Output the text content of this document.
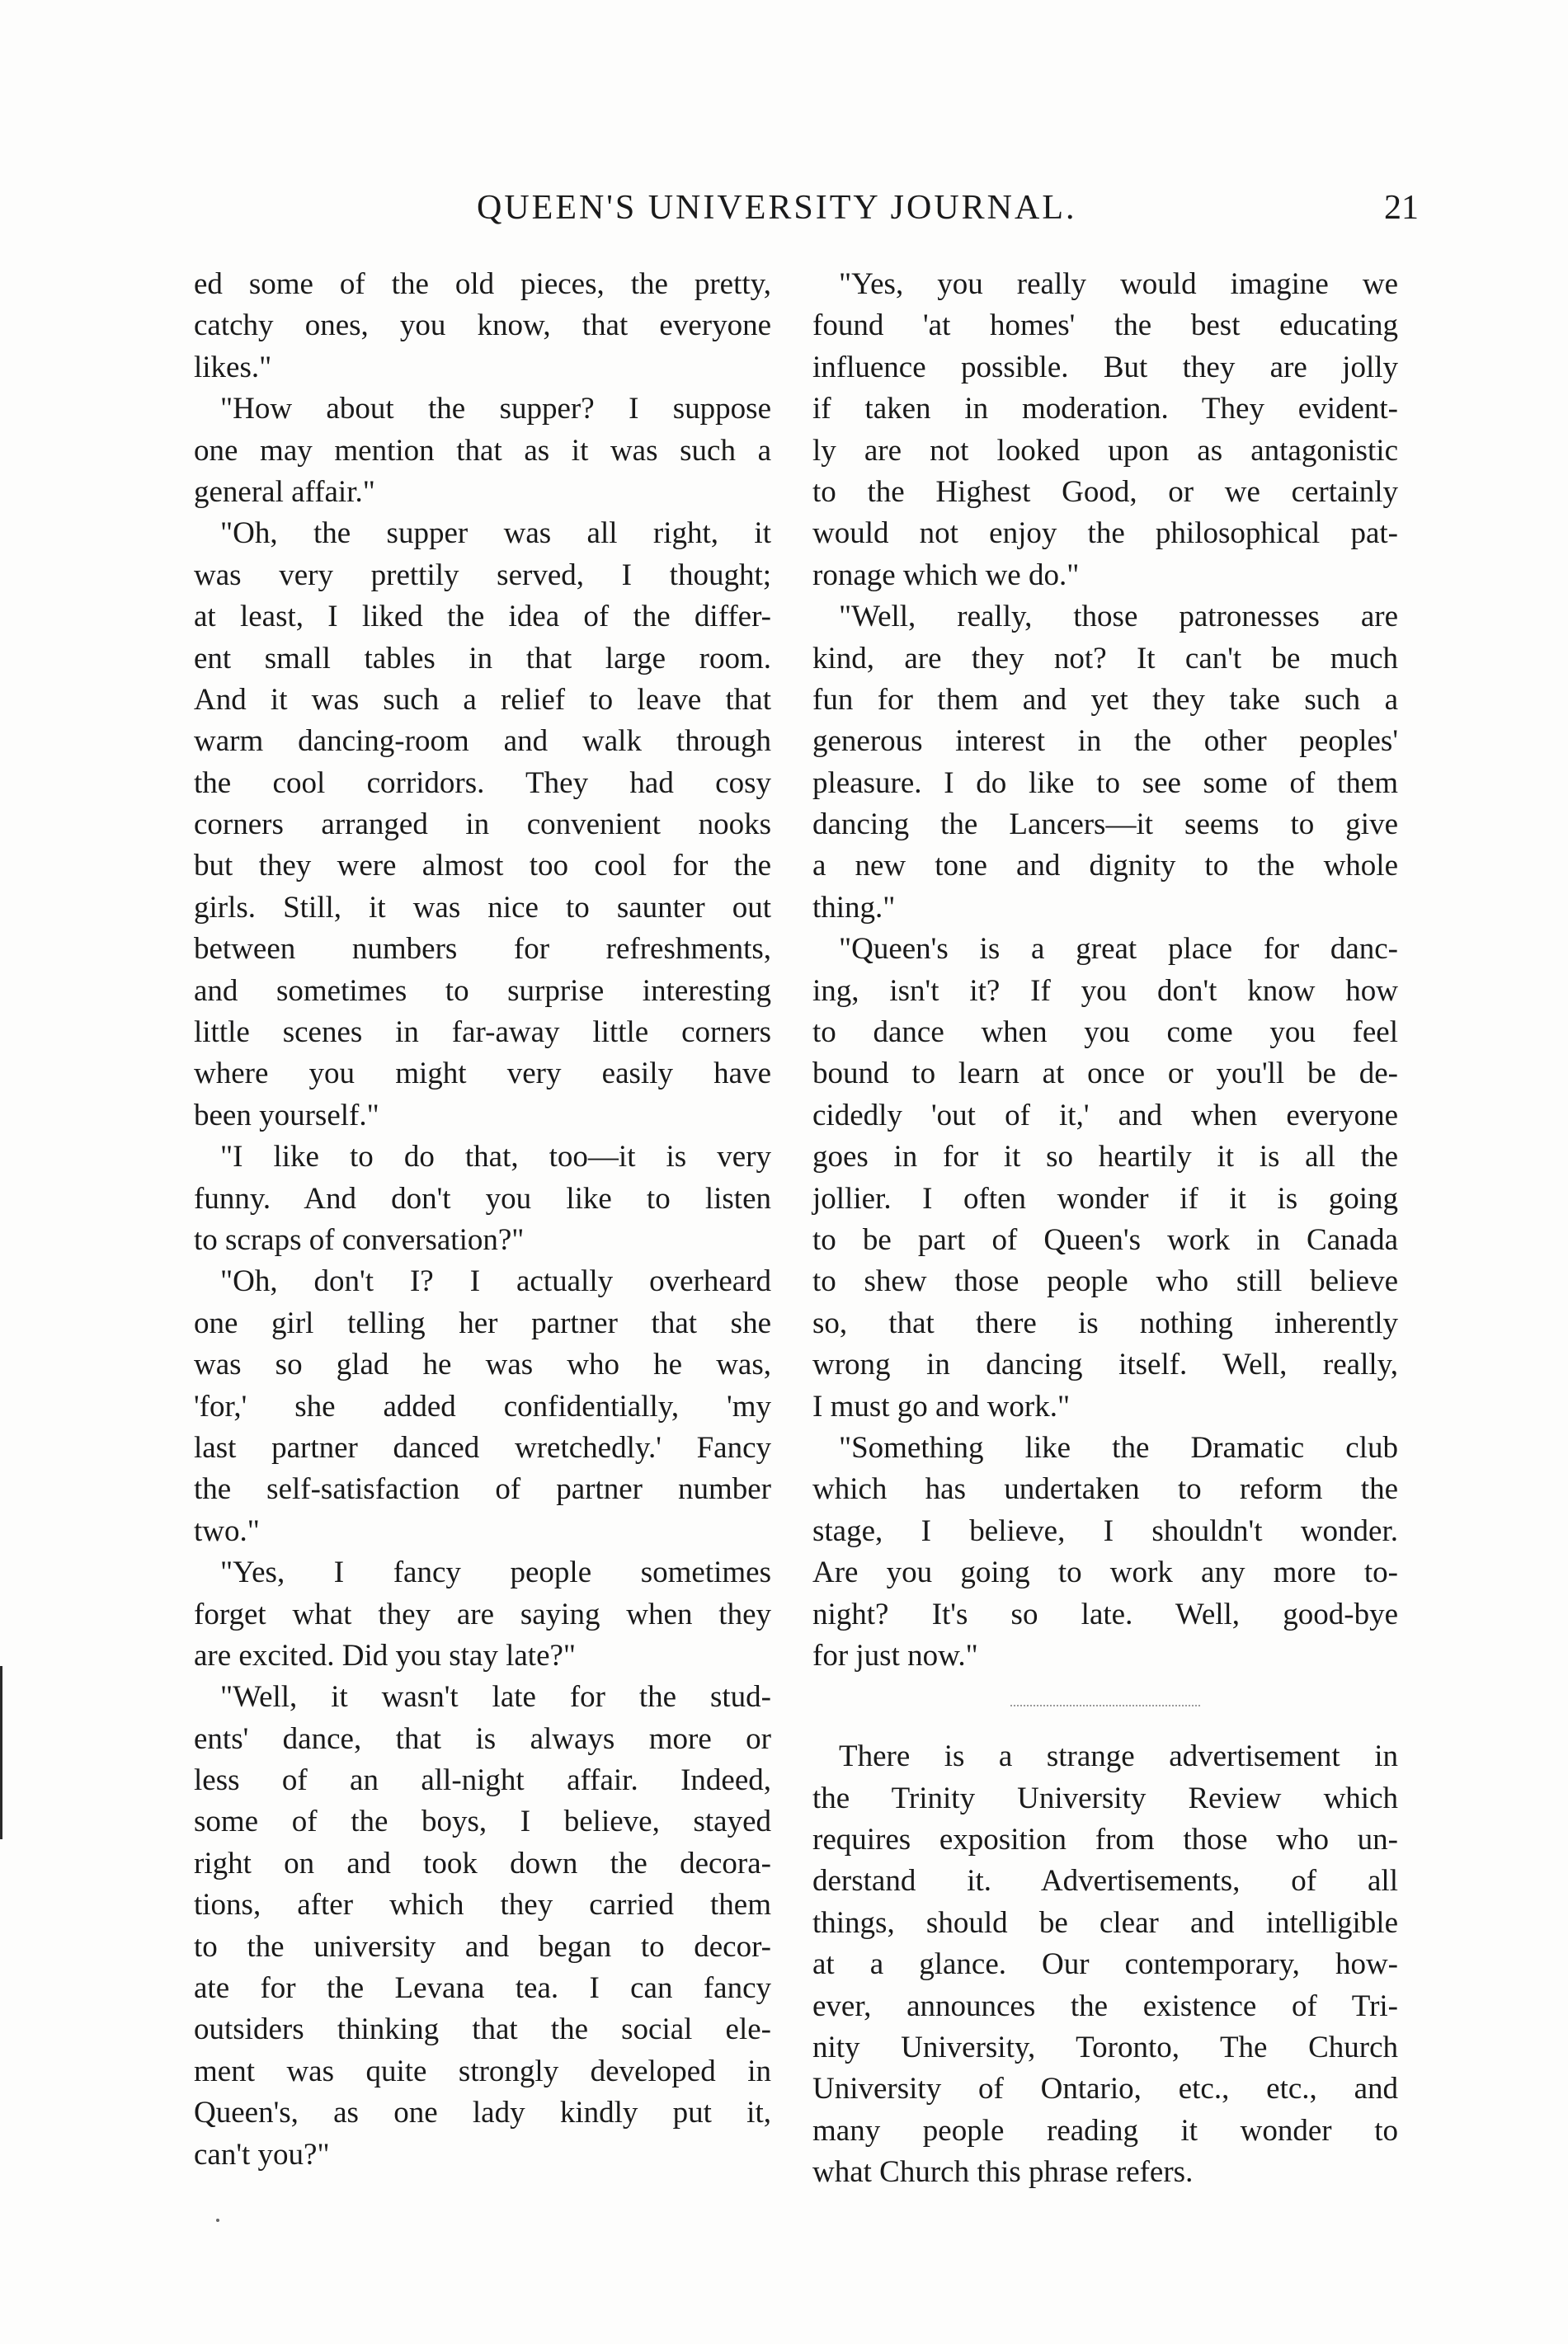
QUEEN'S UNIVERSITY JOURNAL.	21
ed some of the old pieces, the pretty,
catchy ones, you know, that everyone
likes."
"How about the supper? I suppose
one may mention that as it was such a
general affair."
"Oh, the supper was all right, it
was very prettily served, I thought;
at least, I liked the idea of the differ-
ent small tables in that large room.
And it was such a relief to leave that
warm dancing-room and walk through
the cool corridors. They had cosy
corners arranged in convenient nooks
but they were almost too cool for the
girls. Still, it was nice to saunter out
between numbers for refreshments,
and sometimes to surprise interesting
little scenes in far-away little corners
where you might very easily have
been yourself."
"I like to do that, too—it is very
funny. And don't you like to listen
to scraps of conversation?"
"Oh, don't I? I actually overheard
one girl telling her partner that she
was so glad he was who he was,
'for,' she added confidentially, 'my
last partner danced wretchedly.' Fancy
the self-satisfaction of partner number
two."
"Yes, I fancy people sometimes
forget what they are saying when they
are excited. Did you stay late?"
"Well, it wasn't late for the stud-
ents' dance, that is always more or
less of an all-night affair. Indeed,
some of the boys, I believe, stayed
right on and took down the decora-
tions, after which they carried them
to the university and began to decor-
ate for the Levana tea. I can fancy
outsiders thinking that the social ele-
ment was quite strongly developed in
Queen's, as one lady kindly put it,
can't you?"
"Yes, you really would imagine we
found 'at homes' the best educating
influence possible. But they are jolly
if taken in moderation. They evident-
ly are not looked upon as antagonistic
to the Highest Good, or we certainly
would not enjoy the philosophical pat-
ronage which we do."
"Well, really, those patronesses are
kind, are they not? It can't be much
fun for them and yet they take such a
generous interest in the other peoples'
pleasure. I do like to see some of them
dancing the Lancers—it seems to give
a new tone and dignity to the whole
thing."
"Queen's is a great place for danc-
ing, isn't it? If you don't know how
to dance when you come you feel
bound to learn at once or you'll be de-
cidedly 'out of it,' and when everyone
goes in for it so heartily it is all the
jollier. I often wonder if it is going
to be part of Queen's work in Canada
to shew those people who still believe
so, that there is nothing inherently
wrong in dancing itself. Well, really,
I must go and work."
"Something like the Dramatic club
which has undertaken to reform the
stage, I believe, I shouldn't wonder.
Are you going to work any more to-
night? It's so late. Well, good-bye
for just now."
There is a strange advertisement in
the Trinity University Review which
requires exposition from those who un-
derstand it. Advertisements, of all
things, should be clear and intelligible
at a glance. Our contemporary, how-
ever, announces the existence of Tri-
nity University, Toronto, The Church
University of Ontario, etc., etc., and
many people reading it wonder to
what Church this phrase refers.
